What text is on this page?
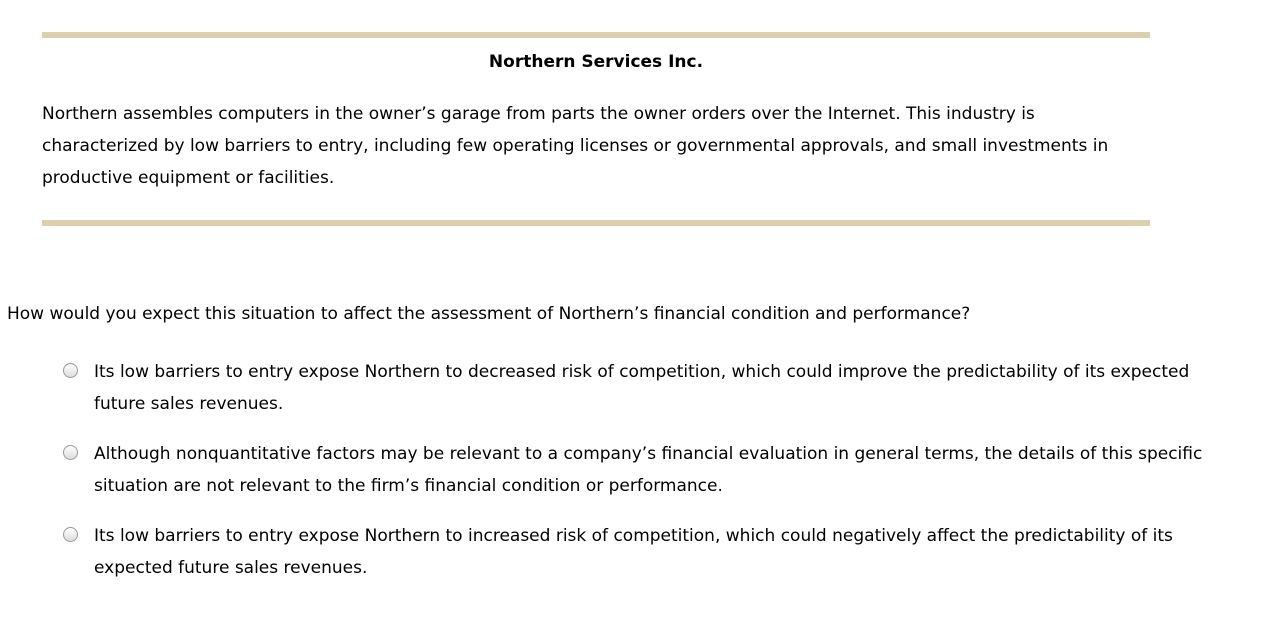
Northern Services Inc.

Northern assembles computers in the owner’s garage from parts the owner orders over the Internet. This industry is characterized by low barriers to entry, including few operating licenses or governmental approvals, and small investments in productive equipment or facilities.

How would you expect this situation to affect the assessment of Northern’s financial condition and performance?

Its low barriers to entry expose Northern to decreased risk of competition, which could improve the predictability of its expected future sales revenues.
Although nonquantitative factors may be relevant to a company’s financial evaluation in general terms, the details of this specific situation are not relevant to the firm’s financial condition or performance.
Its low barriers to entry expose Northern to increased risk of competition, which could negatively affect the predictability of its expected future sales revenues.
